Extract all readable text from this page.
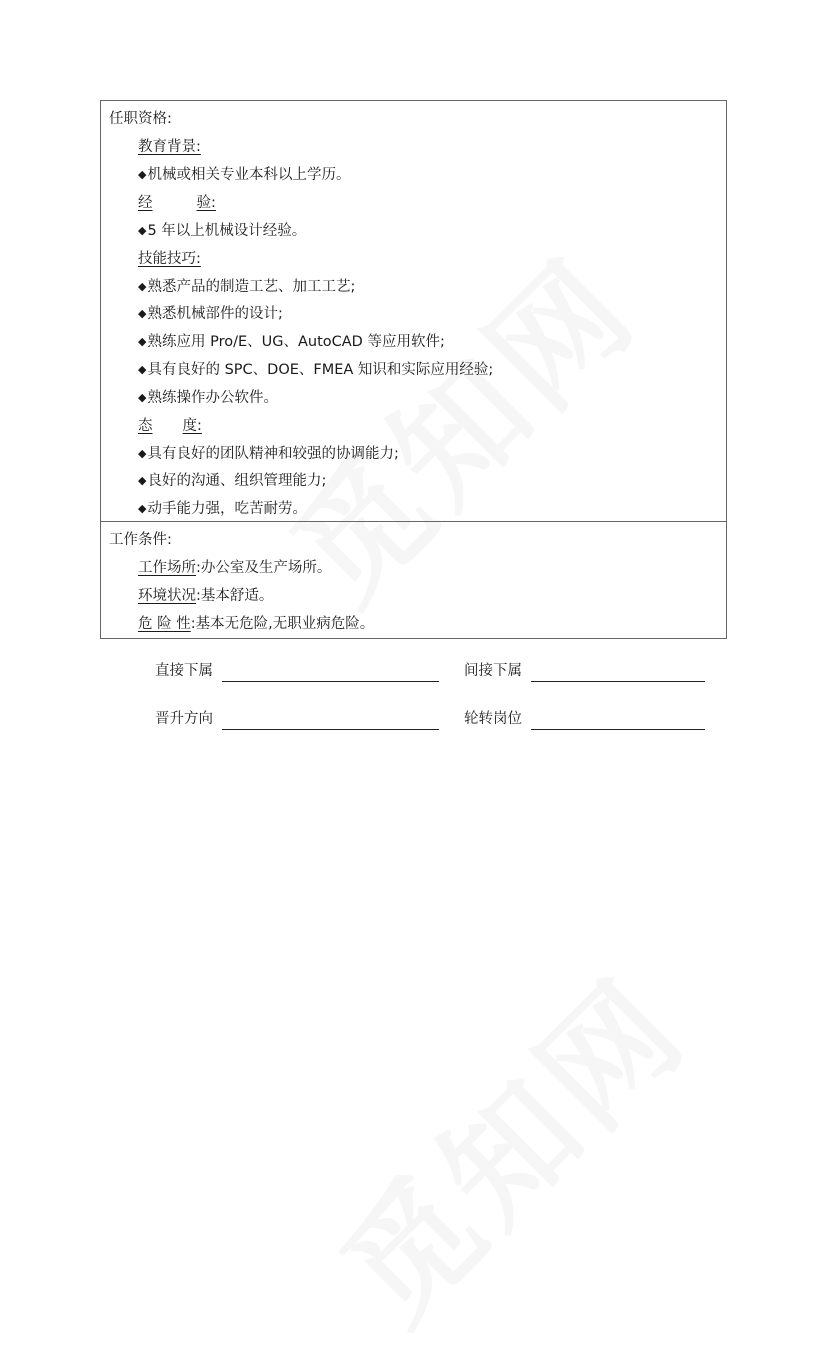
任职资格:
教育背景:
◆机械或相关专业本科以上学历。
经	验:
◆5 年以上机械设计经验。
技能技巧:
◆熟悉产品的制造工艺、加工工艺;
◆熟悉机械部件的设计;
◆熟练应用 Pro/E、UG、AutoCAD 等应用软件;
◆具有良好的 SPC、DOE、FMEA 知识和实际应用经验;
◆熟练操作办公软件。
态 度:
◆具有良好的团队精神和较强的协调能力;
◆良好的沟通、组织管理能力;
◆动手能力强，吃苦耐劳。
工作条件:
工作场所:办公室及生产场所。
环境状况:基本舒适。
危 险 性:基本无危险,无职业病危险。
直接下属	间接下属
晋升方向	轮转岗位
